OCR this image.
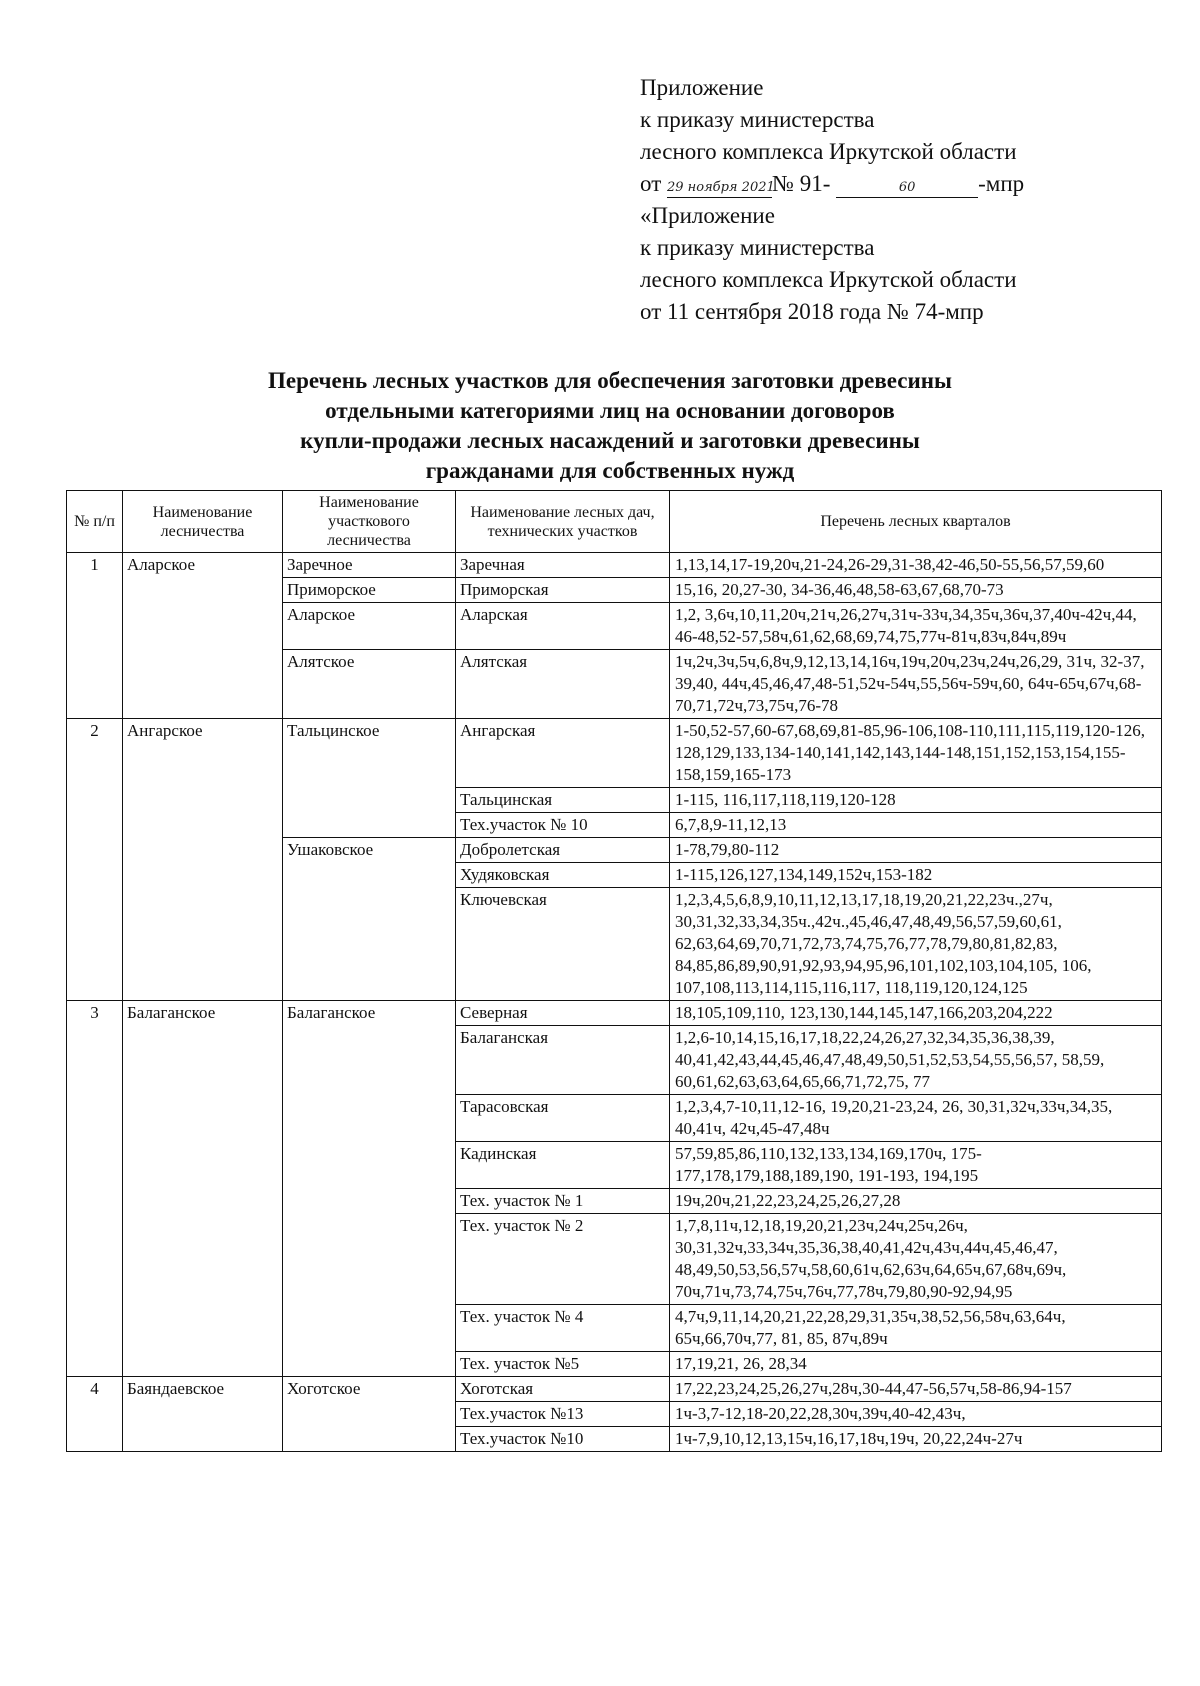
Приложение
к приказу министерства
лесного комплекса Иркутской области
от 29 ноября 2021№ 91-	60	-мпр
«Приложение
к приказу министерства
лесного комплекса Иркутской области
от 11 сентября 2018 года № 74-мпр
Перечень лесных участков для обеспечения заготовки древесины
отдельными категориями лиц на основании договоров
купли-продажи лесных насаждений и заготовки древесины
гражданами для собственных нужд
№ п/п	Наименование лесничества	Наименование участкового лесничества	Наименование лесных дач, технических участков	Перечень лесных кварталов
1	Аларское	Заречное	Заречная	1,13,14,17-19,20ч,21-24,26-29,31-38,42-46,50-55,56,57,59,60
		Приморское	Приморская	15,16, 20,27-30, 34-36,46,48,58-63,67,68,70-73
		Аларское	Аларская	1,2, 3,6ч,10,11,20ч,21ч,26,27ч,31ч-33ч,34,35ч,36ч,37,40ч-42ч,44, 46-48,52-57,58ч,61,62,68,69,74,75,77ч-81ч,83ч,84ч,89ч
		Алятское	Алятская	1ч,2ч,3ч,5ч,6,8ч,9,12,13,14,16ч,19ч,20ч,23ч,24ч,26,29, 31ч, 32-37, 39,40, 44ч,45,46,47,48-51,52ч-54ч,55,56ч-59ч,60, 64ч-65ч,67ч,68-70,71,72ч,73,75ч,76-78
2	Ангарское	Тальцинское	Ангарская	1-50,52-57,60-67,68,69,81-85,96-106,108-110,111,115,119,120-126, 128,129,133,134-140,141,142,143,144-148,151,152,153,154,155-158,159,165-173
			Тальцинская	1-115, 116,117,118,119,120-128
			Тех.участок № 10	6,7,8,9-11,12,13
		Ушаковское	Добролетская	1-78,79,80-112
			Худяковская	1-115,126,127,134,149,152ч,153-182
			Ключевская	1,2,3,4,5,6,8,9,10,11,12,13,17,18,19,20,21,22,23ч.,27ч, 30,31,32,33,34,35ч.,42ч.,45,46,47,48,49,56,57,59,60,61, 62,63,64,69,70,71,72,73,74,75,76,77,78,79,80,81,82,83, 84,85,86,89,90,91,92,93,94,95,96,101,102,103,104,105, 106, 107,108,113,114,115,116,117, 118,119,120,124,125
3	Балаганское	Балаганское	Северная	18,105,109,110, 123,130,144,145,147,166,203,204,222
			Балаганская	1,2,6-10,14,15,16,17,18,22,24,26,27,32,34,35,36,38,39, 40,41,42,43,44,45,46,47,48,49,50,51,52,53,54,55,56,57, 58,59, 60,61,62,63,63,64,65,66,71,72,75, 77
			Тарасовская	1,2,3,4,7-10,11,12-16, 19,20,21-23,24, 26, 30,31,32ч,33ч,34,35, 40,41ч, 42ч,45-47,48ч
			Кадинская	57,59,85,86,110,132,133,134,169,170ч, 175-177,178,179,188,189,190, 191-193, 194,195
			Тех. участок № 1	19ч,20ч,21,22,23,24,25,26,27,28
			Тех. участок № 2	1,7,8,11ч,12,18,19,20,21,23ч,24ч,25ч,26ч, 30,31,32ч,33,34ч,35,36,38,40,41,42ч,43ч,44ч,45,46,47, 48,49,50,53,56,57ч,58,60,61ч,62,63ч,64,65ч,67,68ч,69ч, 70ч,71ч,73,74,75ч,76ч,77,78ч,79,80,90-92,94,95
			Тех. участок № 4	4,7ч,9,11,14,20,21,22,28,29,31,35ч,38,52,56,58ч,63,64ч, 65ч,66,70ч,77, 81, 85, 87ч,89ч
			Тех. участок №5	17,19,21, 26, 28,34
4	Баяндаевское	Хоготское	Хоготская	17,22,23,24,25,26,27ч,28ч,30-44,47-56,57ч,58-86,94-157
			Тех.участок №13	1ч-3,7-12,18-20,22,28,30ч,39ч,40-42,43ч,
			Тех.участок №10	1ч-7,9,10,12,13,15ч,16,17,18ч,19ч, 20,22,24ч-27ч
